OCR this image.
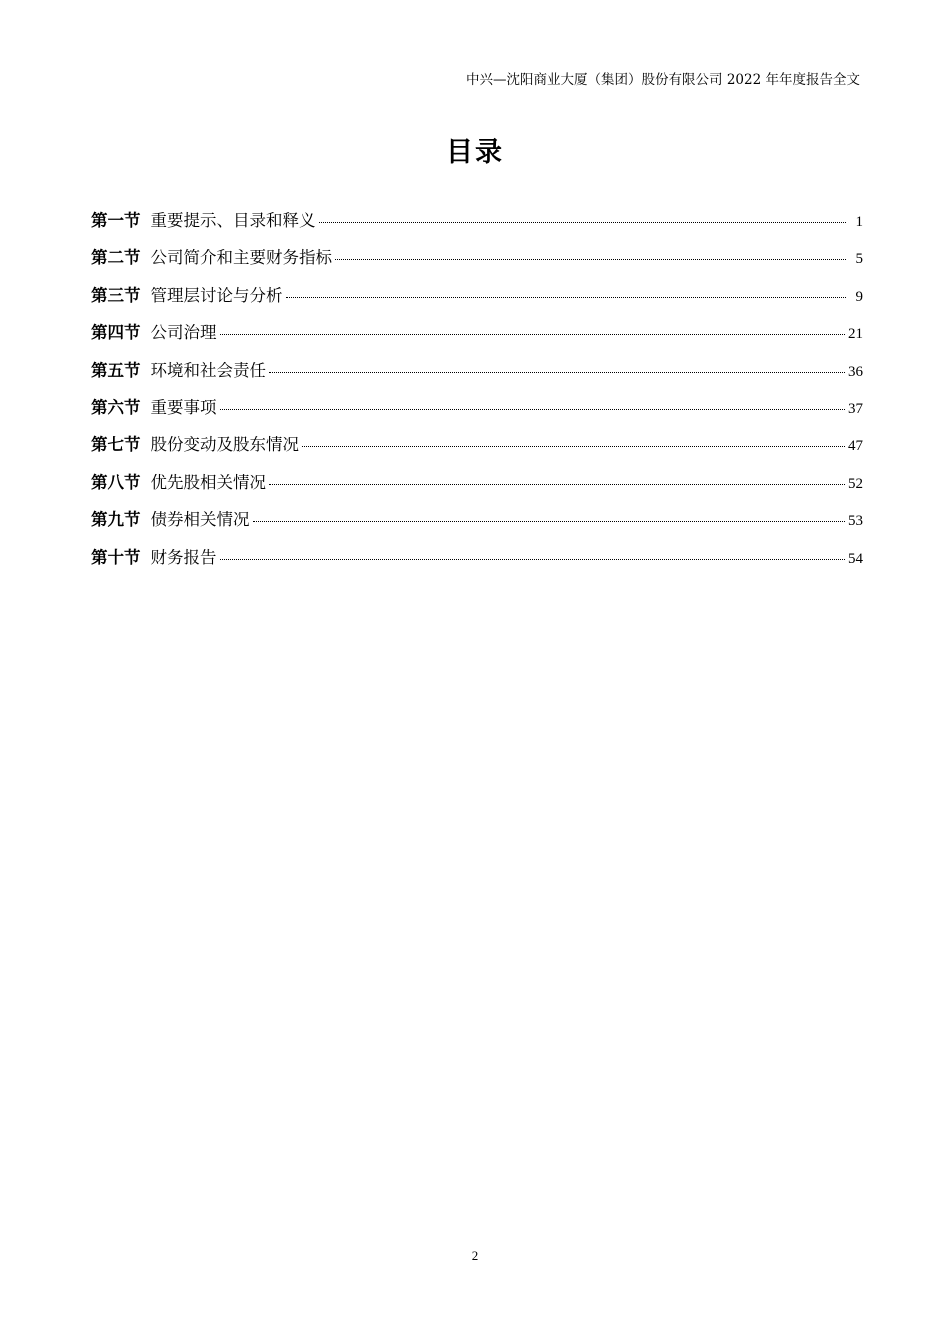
中兴—沈阳商业大厦（集团）股份有限公司 2022 年年度报告全文
目录
第一节 重要提示、目录和释义	1
第二节 公司简介和主要财务指标	5
第三节 管理层讨论与分析	9
第四节 公司治理	21
第五节 环境和社会责任	36
第六节 重要事项	37
第七节 股份变动及股东情况	47
第八节 优先股相关情况	52
第九节 债券相关情况	53
第十节 财务报告	54
2
